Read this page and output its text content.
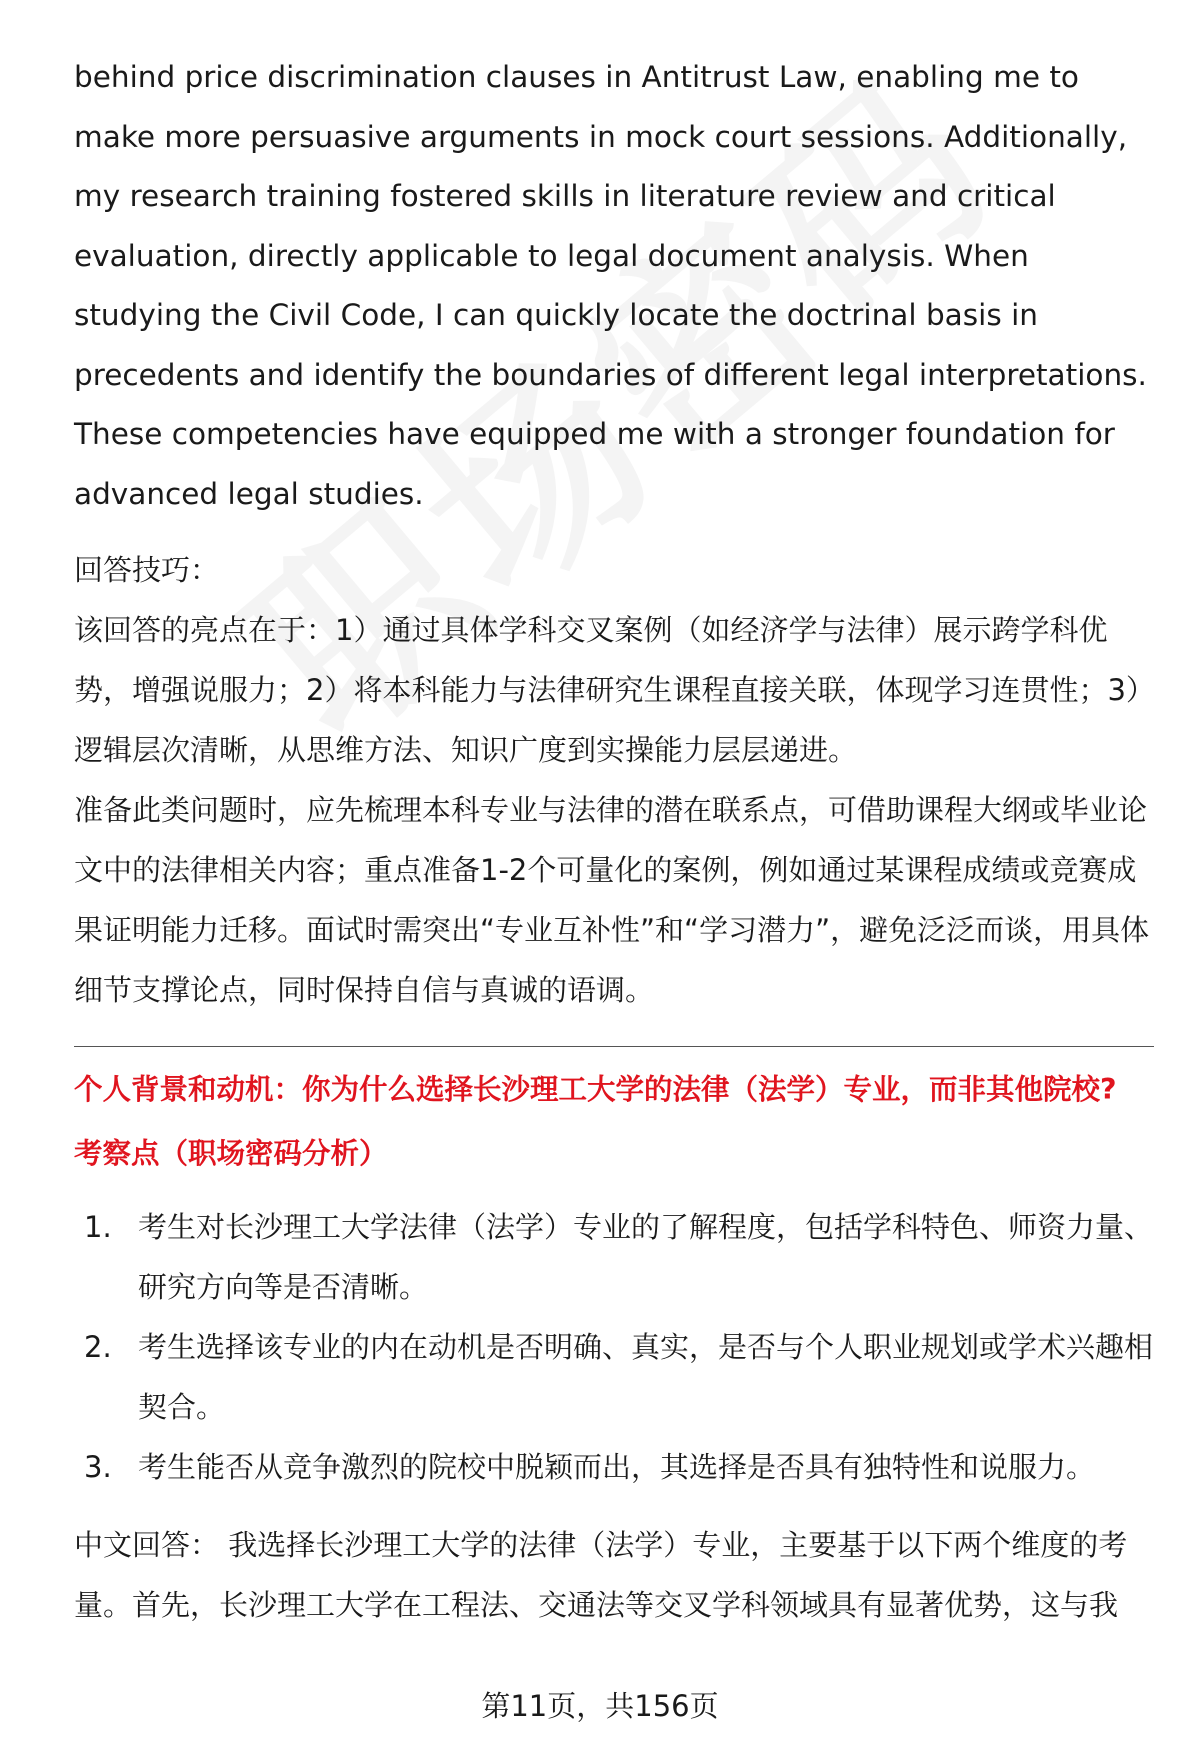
behind price discrimination clauses in Antitrust Law, enabling me to make more persuasive arguments in mock court sessions. Additionally, my research training fostered skills in literature review and critical evaluation, directly applicable to legal document analysis. When studying the Civil Code, I can quickly locate the doctrinal basis in precedents and identify the boundaries of different legal interpretations. These competencies have equipped me with a stronger foundation for advanced legal studies.

回答技巧：

该回答的亮点在于：1）通过具体学科交叉案例（如经济学与法律）展示跨学科优势，增强说服力；2）将本科能力与法律研究生课程直接关联，体现学习连贯性；3）逻辑层次清晰，从思维方法、知识广度到实操能力层层递进。

准备此类问题时，应先梳理本科专业与法律的潜在联系点，可借助课程大纲或毕业论文中的法律相关内容；重点准备1-2个可量化的案例，例如通过某课程成绩或竞赛成果证明能力迁移。面试时需突出“专业互补性”和“学习潜力”，避免泛泛而谈，用具体细节支撑论点，同时保持自信与真诚的语调。

个人背景和动机：你为什么选择长沙理工大学的法律（法学）专业，而非其他院校?

考察点（职场密码分析）

1. 考生对长沙理工大学法律（法学）专业的了解程度，包括学科特色、师资力量、研究方向等是否清晰。
2. 考生选择该专业的内在动机是否明确、真实，是否与个人职业规划或学术兴趣相契合。
3. 考生能否从竞争激烈的院校中脱颖而出，其选择是否具有独特性和说服力。

中文回答： 我选择长沙理工大学的法律（法学）专业，主要基于以下两个维度的考量。首先，长沙理工大学在工程法、交通法等交叉学科领域具有显著优势，这与我

第11页，共156页
